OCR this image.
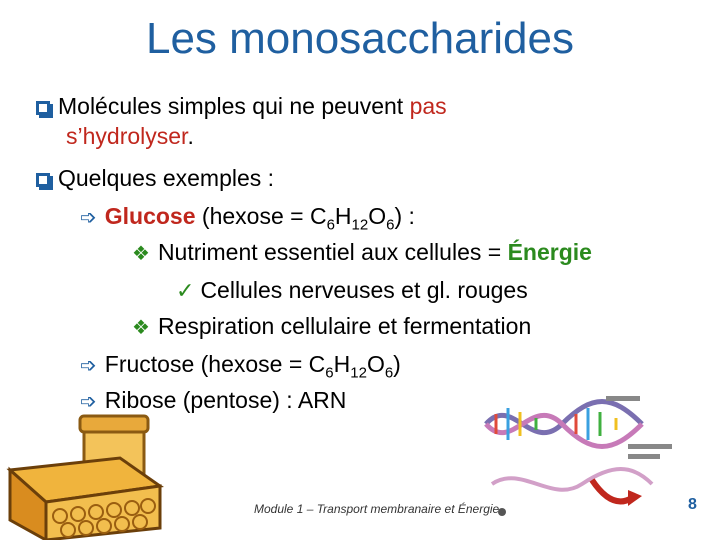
Les monosaccharides
Molécules simples qui ne peuvent pas
s’hydrolyser.
Quelques exemples :
➩ Glucose (hexose = $C_6H_{12}O_6$) :
❖ Nutriment essentiel aux cellules = Énergie
✓ Cellules nerveuses et gl. rouges
❖ Respiration cellulaire et fermentation
➩ Fructose (hexose = $C_6H_{12}O_6$)
➩ Ribose (pentose) : ARN
Module 1 – Transport membranaire et Énergie	8
